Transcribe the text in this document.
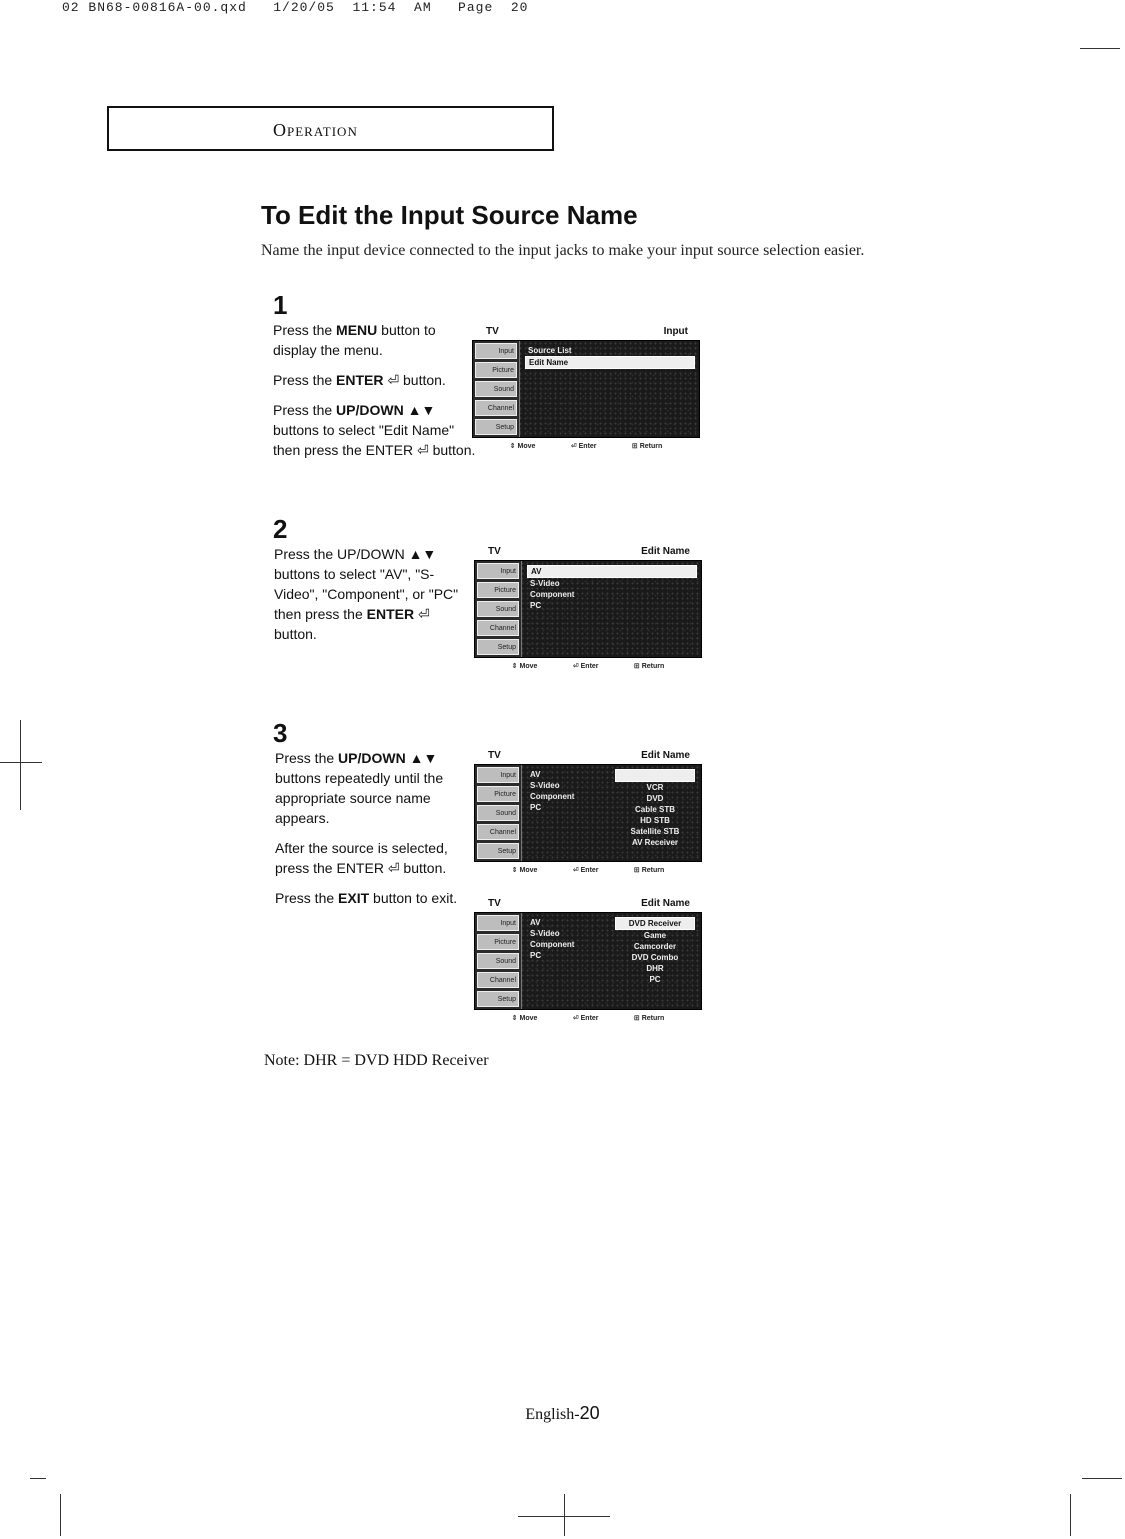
02 BN68-00816A-00.qxd   1/20/05  11:54  AM   Page  20
Operation
To Edit the Input Source Name
Name the input device connected to the input jacks to make your input source selection easier.
1

Press the MENU button to display the menu.

Press the ENTER ⏎ button.

Press the UP/DOWN ▲▼ buttons to select "Edit Name" then press the ENTER ⏎ button.

TV	Input
Input
Picture
Sound
Channel
Setup
Source List
Edit Name
⇕ Move	⏎ Enter	⊞ Return
2

Press the UP/DOWN ▲▼ buttons to select "AV", "S-Video", "Component", or "PC" then press the ENTER ⏎ button.

TV	Edit Name
Input
Picture
Sound
Channel
Setup
AV
S-Video
Component
PC
⇕ Move	⏎ Enter	⊞ Return
3

Press the UP/DOWN ▲▼ buttons repeatedly until the appropriate source name appears.

After the source is selected, press the ENTER ⏎ button.

Press the EXIT button to exit.

TV	Edit Name
Input
Picture
Sound
Channel
Setup
AV
S-Video
Component
PC
VCR
DVD
Cable STB
HD STB
Satellite STB
AV Receiver
⇕ Move	⏎ Enter	⊞ Return
TV	Edit Name
Input
Picture
Sound
Channel
Setup
AV
S-Video
Component
PC
DVD Receiver
Game
Camcorder
DVD Combo
DHR
PC
⇕ Move	⏎ Enter	⊞ Return
Note: DHR = DVD HDD Receiver
English-20
